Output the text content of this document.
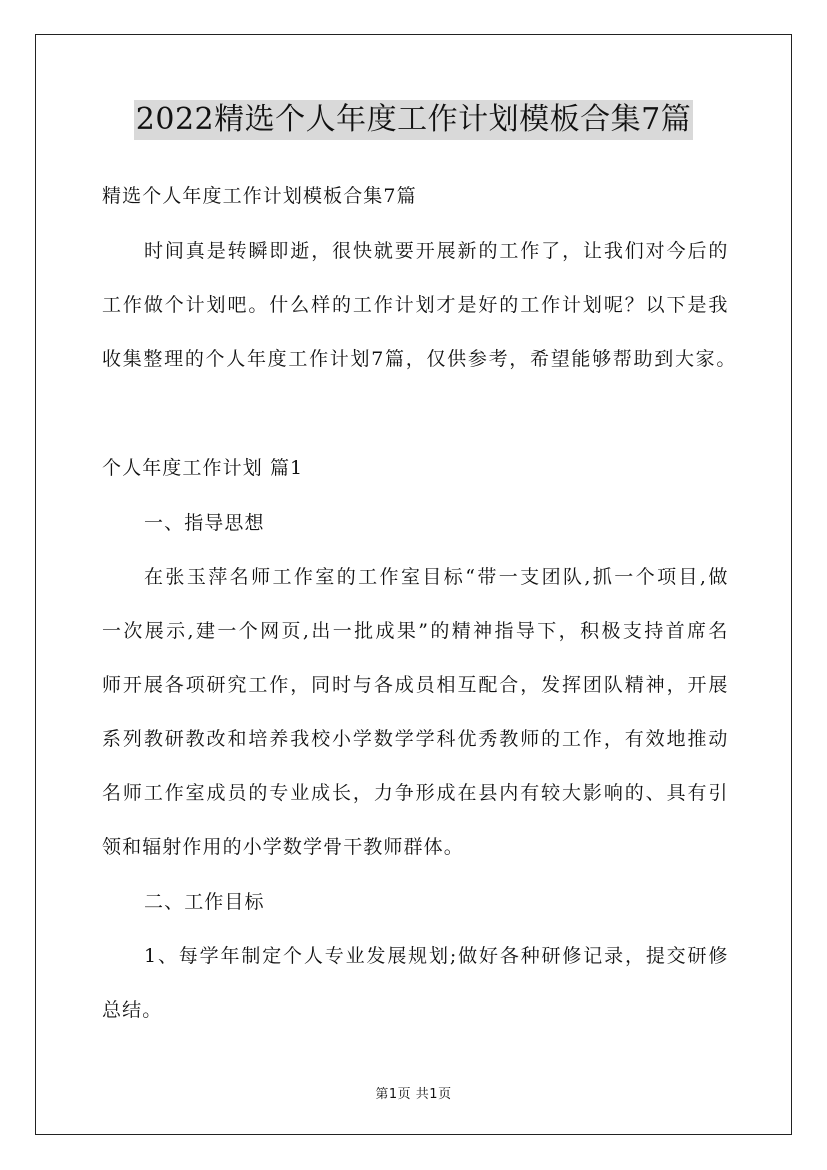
2022精选个人年度工作计划模板合集7篇
精选个人年度工作计划模板合集7篇
时间真是转瞬即逝，很快就要开展新的工作了，让我们对今后的
工作做个计划吧。什么样的工作计划才是好的工作计划呢？以下是我
收集整理的个人年度工作计划7篇，仅供参考，希望能够帮助到大家。
个人年度工作计划 篇1
一、指导思想
在张玉萍名师工作室的工作室目标“带一支团队,抓一个项目,做
一次展示,建一个网页,出一批成果”的精神指导下，积极支持首席名
师开展各项研究工作，同时与各成员相互配合，发挥团队精神，开展
系列教研教改和培养我校小学数学学科优秀教师的工作，有效地推动
名师工作室成员的专业成长，力争形成在县内有较大影响的、具有引
领和辐射作用的小学数学骨干教师群体。
二、工作目标
1、每学年制定个人专业发展规划;做好各种研修记录，提交研修
总结。
第1页 共1页
